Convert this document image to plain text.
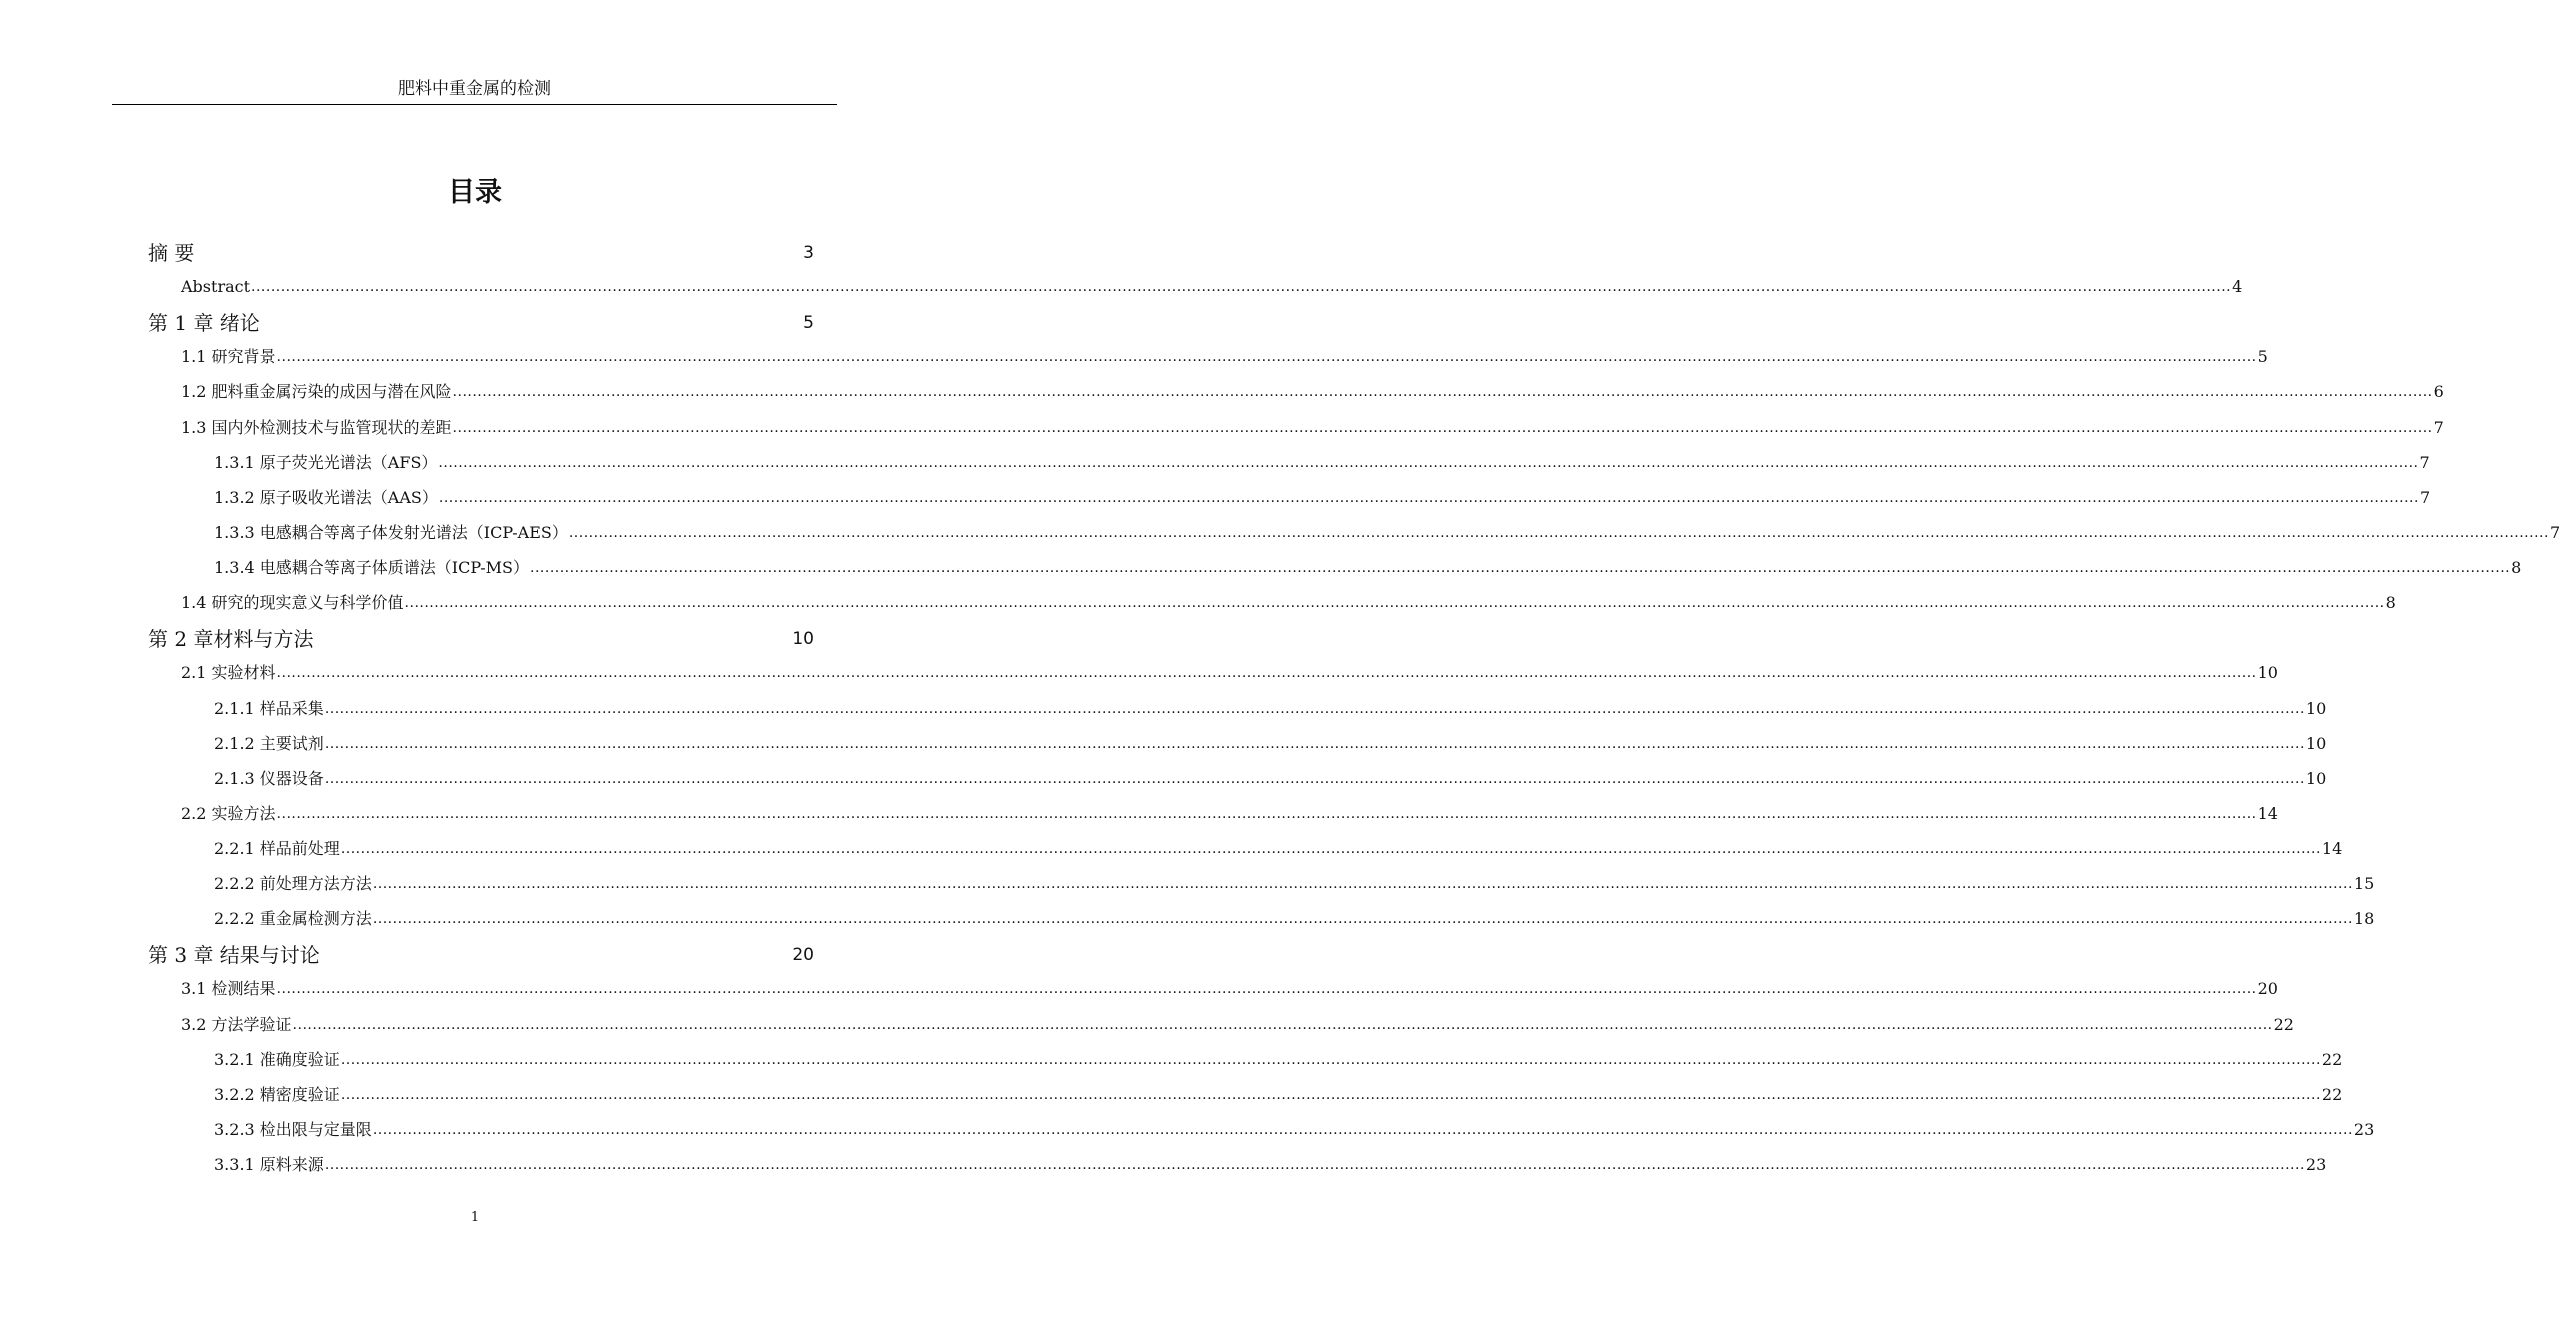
肥料中重金属的检测
目录
摘 要	3
Abstract ................................................................................................................................................................................................................................................................................................................................................................................................................ 4
第 1 章 绪论	5
1.1 研究背景 ................................................................................................................................................................................................................................................................................................................................................................................................................ 5
1.2 肥料重金属污染的成因与潜在风险 ................................................................................................................................................................................................................................................................................................................................................................................................................ 6
1.3 国内外检测技术与监管现状的差距 ................................................................................................................................................................................................................................................................................................................................................................................................................ 7
1.3.1 原子荧光光谱法（AFS） ................................................................................................................................................................................................................................................................................................................................................................................................................ 7
1.3.2 原子吸收光谱法（AAS） ................................................................................................................................................................................................................................................................................................................................................................................................................ 7
1.3.3 电感耦合等离子体发射光谱法（ICP-AES） ................................................................................................................................................................................................................................................................................................................................................................................................................ 7
1.3.4 电感耦合等离子体质谱法（ICP-MS） ................................................................................................................................................................................................................................................................................................................................................................................................................ 8
1.4 研究的现实意义与科学价值 ................................................................................................................................................................................................................................................................................................................................................................................................................ 8
第 2 章材料与方法	10
2.1 实验材料 ................................................................................................................................................................................................................................................................................................................................................................................................................ 10
2.1.1 样品采集 ................................................................................................................................................................................................................................................................................................................................................................................................................ 10
2.1.2 主要试剂 ................................................................................................................................................................................................................................................................................................................................................................................................................ 10
2.1.3 仪器设备 ................................................................................................................................................................................................................................................................................................................................................................................................................ 10
2.2 实验方法 ................................................................................................................................................................................................................................................................................................................................................................................................................ 14
2.2.1 样品前处理 ................................................................................................................................................................................................................................................................................................................................................................................................................ 14
2.2.2 前处理方法方法 ................................................................................................................................................................................................................................................................................................................................................................................................................ 15
2.2.2 重金属检测方法 ................................................................................................................................................................................................................................................................................................................................................................................................................ 18
第 3 章 结果与讨论	20
3.1 检测结果 ................................................................................................................................................................................................................................................................................................................................................................................................................ 20
3.2 方法学验证 ................................................................................................................................................................................................................................................................................................................................................................................................................ 22
3.2.1 准确度验证 ................................................................................................................................................................................................................................................................................................................................................................................................................ 22
3.2.2 精密度验证 ................................................................................................................................................................................................................................................................................................................................................................................................................ 22
3.2.3 检出限与定量限 ................................................................................................................................................................................................................................................................................................................................................................................................................ 23
3.3.1 原料来源 ................................................................................................................................................................................................................................................................................................................................................................................................................ 23
1
